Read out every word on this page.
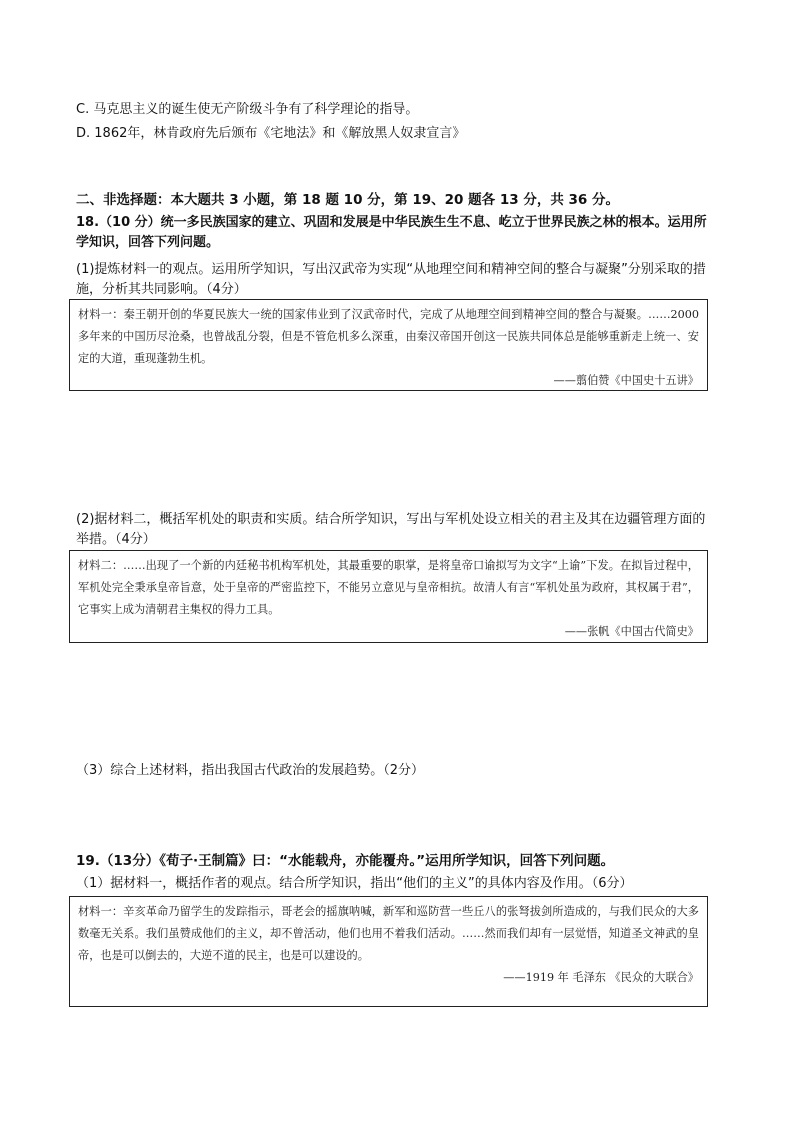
C. 马克思主义的诞生使无产阶级斗争有了科学理论的指导。
D. 1862年，林肯政府先后颁布《宅地法》和《解放黑人奴隶宣言》
二、非选择题：本大题共 3 小题，第 18 题 10 分，第 19、20 题各 13 分，共 36 分。
18.（10 分）统一多民族国家的建立、巩固和发展是中华民族生生不息、屹立于世界民族之林的根本。运用所学知识，回答下列问题。
(1)提炼材料一的观点。运用所学知识，写出汉武帝为实现“从地理空间和精神空间的整合与凝聚”分别采取的措施，分析其共同影响。（4分）
材料一：秦王朝开创的华夏民族大一统的国家伟业到了汉武帝时代，完成了从地理空间到精神空间的整合与凝聚。……2000 多年来的中国历尽沧桑，也曾战乱分裂，但是不管危机多么深重，由秦汉帝国开创这一民族共同体总是能够重新走上统一、安定的大道，重现蓬勃生机。
——翦伯赞《中国史十五讲》
(2)据材料二，概括军机处的职责和实质。结合所学知识，写出与军机处设立相关的君主及其在边疆管理方面的举措。（4分）
材料二：……出现了一个新的内廷秘书机构军机处，其最重要的职掌，是将皇帝口谕拟写为文字“上谕”下发。在拟旨过程中，军机处完全秉承皇帝旨意，处于皇帝的严密监控下，不能另立意见与皇帝相抗。故清人有言“军机处虽为政府，其权属于君”，它事实上成为清朝君主集权的得力工具。
——张帆《中国古代简史》
（3）综合上述材料，指出我国古代政治的发展趋势。（2分）
19.（13分）《荀子·王制篇》曰：“水能载舟，亦能覆舟。”运用所学知识，回答下列问题。
（1）据材料一，概括作者的观点。结合所学知识，指出“他们的主义”的具体内容及作用。（6分）
材料一：辛亥革命乃留学生的发踪指示，哥老会的摇旗呐喊，新军和巡防营一些丘八的张弩拔剑所造成的，与我们民众的大多数毫无关系。我们虽赞成他们的主义，却不曾活动，他们也用不着我们活动。……然而我们却有一层觉悟，知道圣文神武的皇帝，也是可以倒去的，大逆不道的民主，也是可以建设的。
——1919 年 毛泽东 《民众的大联合》
